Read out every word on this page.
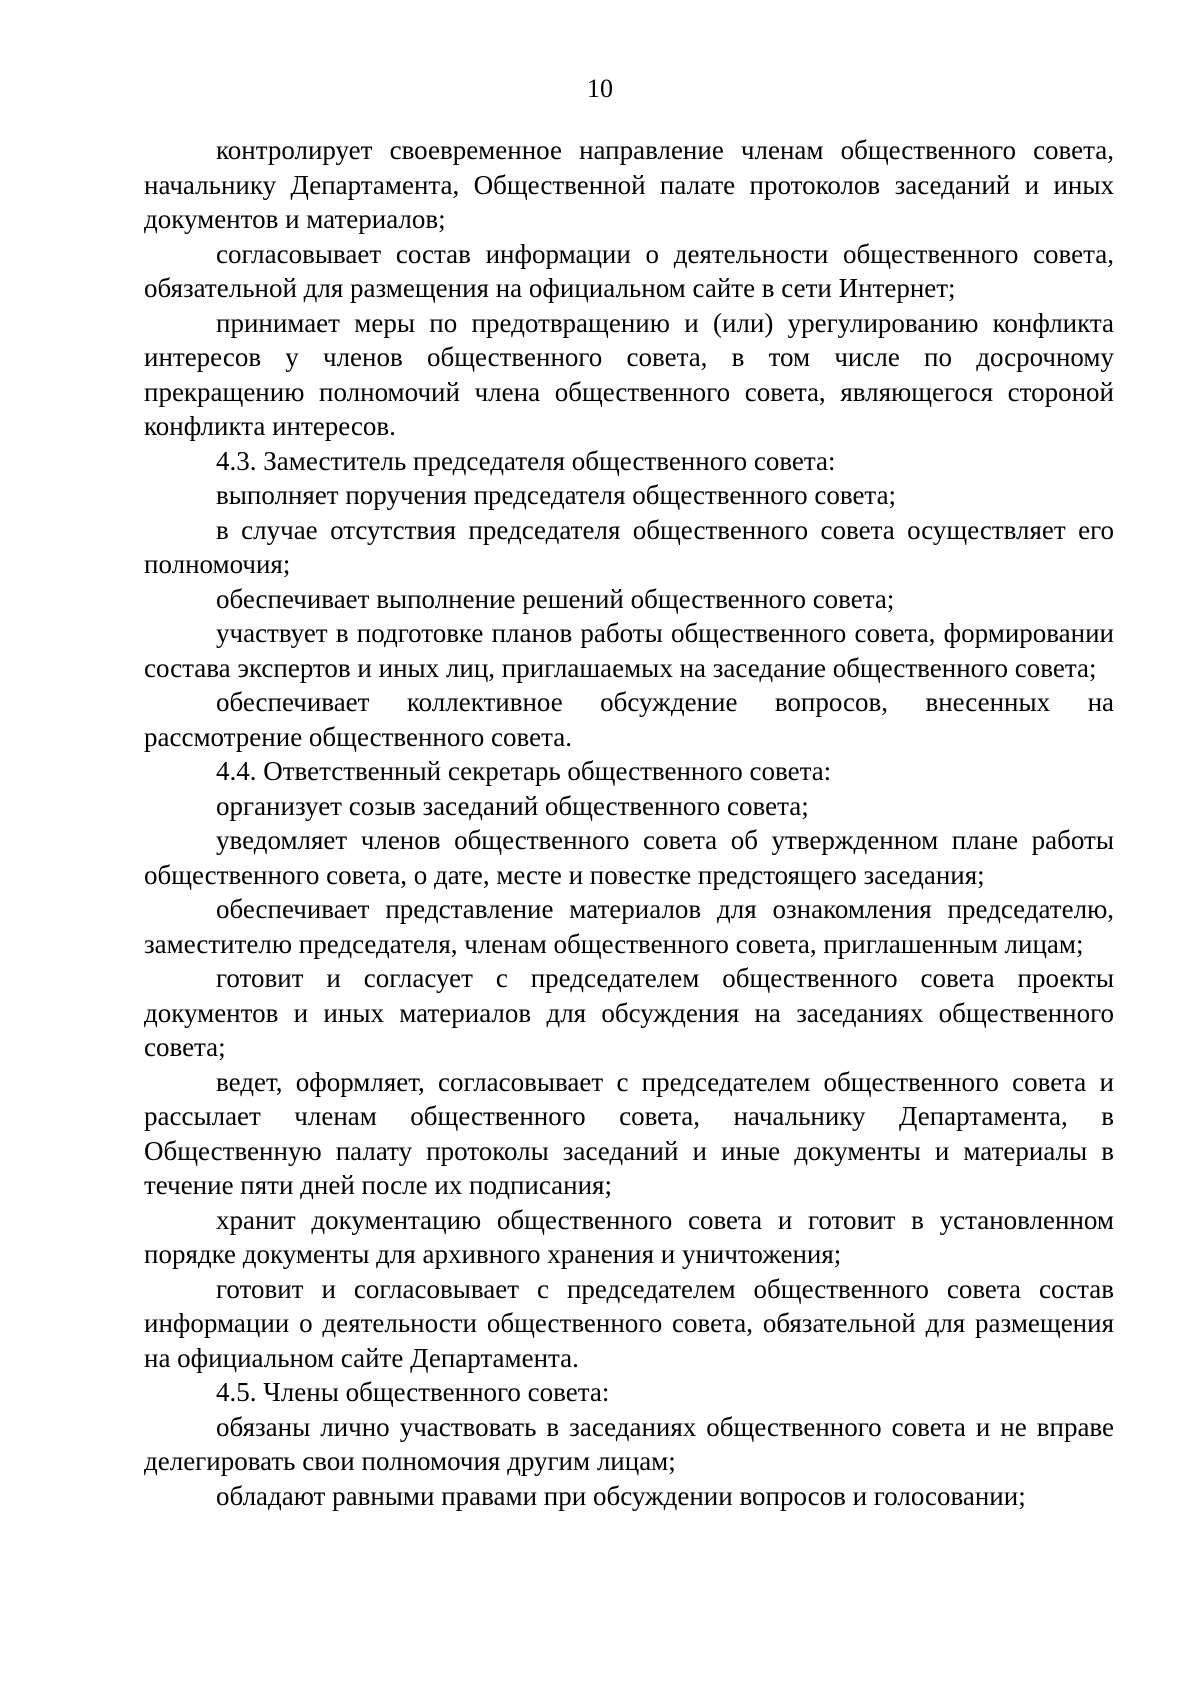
10

контролирует своевременное направление членам общественного совета, начальнику Департамента, Общественной палате протоколов заседаний и иных документов и материалов;

согласовывает состав информации о деятельности общественного совета, обязательной для размещения на официальном сайте в сети Интернет;

принимает меры по предотвращению и (или) урегулированию конфликта интересов у членов общественного совета, в том числе по досрочному прекращению полномочий члена общественного совета, являющегося стороной конфликта интересов.

4.3. Заместитель председателя общественного совета:

выполняет поручения председателя общественного совета;

в случае отсутствия председателя общественного совета осуществляет его полномочия;

обеспечивает выполнение решений общественного совета;

участвует в подготовке планов работы общественного совета, формировании состава экспертов и иных лиц, приглашаемых на заседание общественного совета;

обеспечивает коллективное обсуждение вопросов, внесенных на рассмотрение общественного совета.

4.4. Ответственный секретарь общественного совета:

организует созыв заседаний общественного совета;

уведомляет членов общественного совета об утвержденном плане работы общественного совета, о дате, месте и повестке предстоящего заседания;

обеспечивает представление материалов для ознакомления председателю, заместителю председателя, членам общественного совета, приглашенным лицам;

готовит и согласует с председателем общественного совета проекты документов и иных материалов для обсуждения на заседаниях общественного совета;

ведет, оформляет, согласовывает с председателем общественного совета и рассылает членам общественного совета, начальнику Департамента, в Общественную палату протоколы заседаний и иные документы и материалы в течение пяти дней после их подписания;

хранит документацию общественного совета и готовит в установленном порядке документы для архивного хранения и уничтожения;

готовит и согласовывает с председателем общественного совета состав информации о деятельности общественного совета, обязательной для размещения на официальном сайте Департамента.

4.5. Члены общественного совета:

обязаны лично участвовать в заседаниях общественного совета и не вправе делегировать свои полномочия другим лицам;

обладают равными правами при обсуждении вопросов и голосовании;
